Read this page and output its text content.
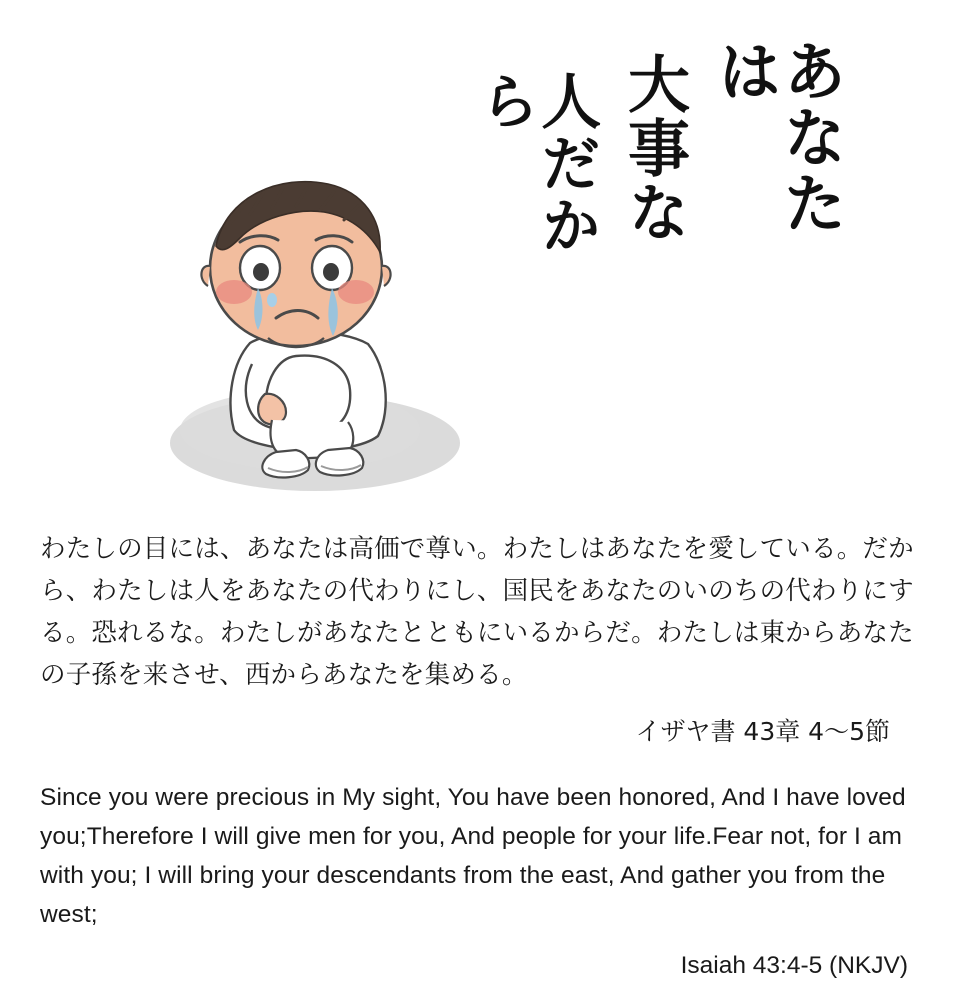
あなたは
大事な
人だから
わたしの目には、あなたは高価で尊い。わたしはあなたを愛している。だから、わたしは人をあなたの代わりにし、国民をあなたのいのちの代わりにする。恐れるな。わたしがあなたとともにいるからだ。わたしは東からあなたの子孫を来させ、西からあなたを集める。
イザヤ書 43章 4〜5節
Since you were precious in My sight, You have been honored, And I have loved you;Therefore I will give men for you, And people for your life.Fear not, for I am with you; I will bring your descendants from the east, And gather you from the west;
Isaiah 43:4-5 (NKJV)
